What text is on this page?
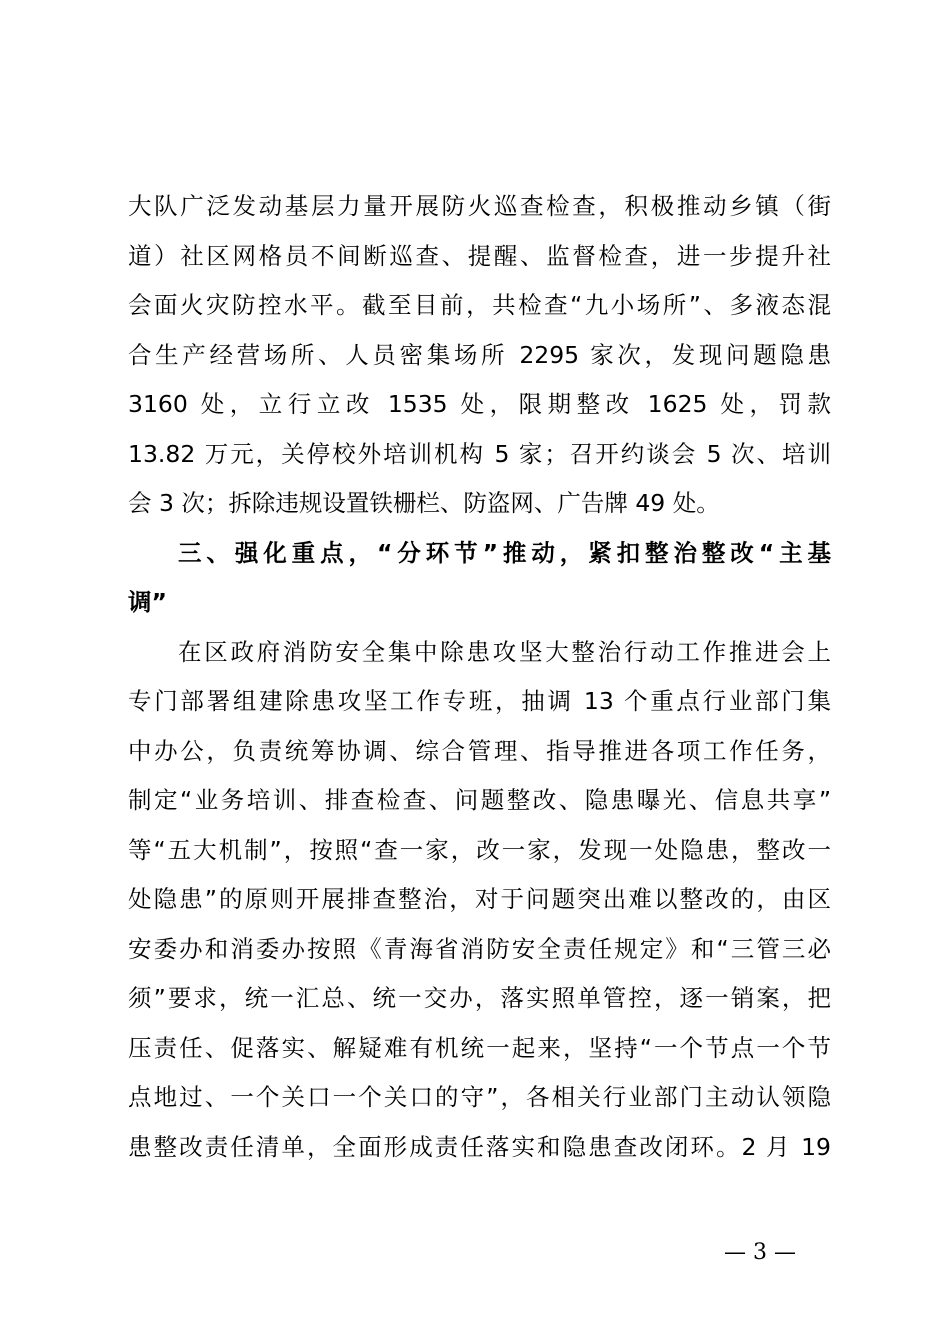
大队广泛发动基层力量开展防火巡查检查，积极推动乡镇（街
道）社区网格员不间断巡查、提醒、监督检查，进一步提升社
会面火灾防控水平。截至目前，共检查“九小场所”、多液态混
合生产经营场所、人员密集场所 2295 家次，发现问题隐患
3160 处，立行立改 1535 处，限期整改 1625 处，罚款
13.82 万元，关停校外培训机构 5 家；召开约谈会 5 次、培训
会 3 次；拆除违规设置铁栅栏、防盗网、广告牌 49 处。
三、强化重点，“分环节”推动，紧扣整治整改“主基
调”
在区政府消防安全集中除患攻坚大整治行动工作推进会上
专门部署组建除患攻坚工作专班，抽调 13 个重点行业部门集
中办公，负责统筹协调、综合管理、指导推进各项工作任务，
制定“业务培训、排查检查、问题整改、隐患曝光、信息共享”
等“五大机制”，按照“查一家，改一家，发现一处隐患，整改一
处隐患”的原则开展排查整治，对于问题突出难以整改的，由区
安委办和消委办按照《青海省消防安全责任规定》和“三管三必
须”要求，统一汇总、统一交办，落实照单管控，逐一销案，把
压责任、促落实、解疑难有机统一起来，坚持“一个节点一个节
点地过、一个关口一个关口的守”，各相关行业部门主动认领隐
患整改责任清单，全面形成责任落实和隐患查改闭环。2 月 19
— 3 —
